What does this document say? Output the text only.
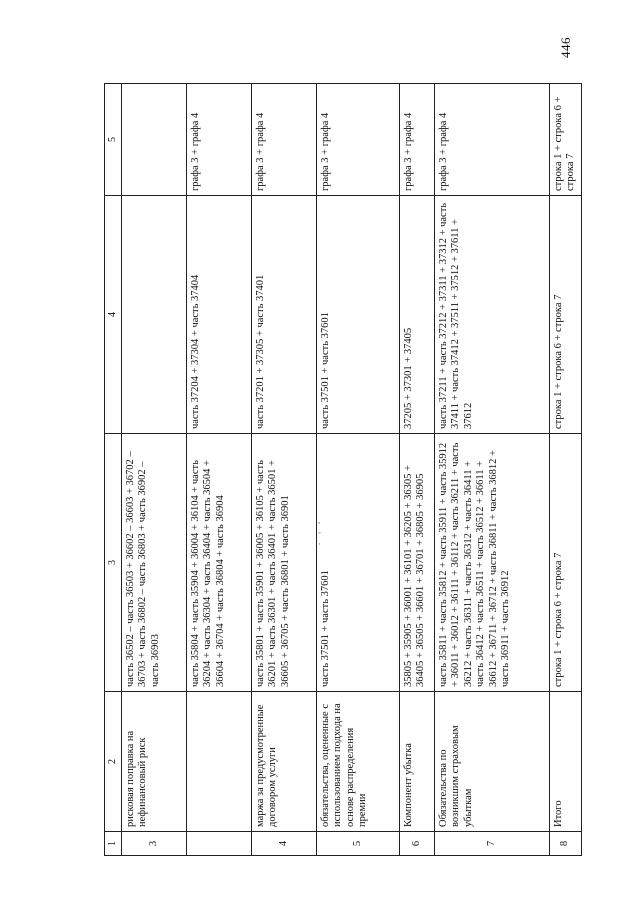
446
,
-
·
1	2	3	4	5
3	рисковая поправка на нефинансовый риск	часть 36502 – часть 36503 + 36602 – 36603 + 36702 – 36703 + часть 36802 – часть 36803 + часть 36902 – часть 36903		
		часть 35804 + часть 35904 + 36004 + 36104 + часть 36204 + часть 36304 + часть 36404 + часть 36504 + 36604 + 36704 + часть 36804 + часть 36904	часть 37204 + 37304 + часть 37404	графа 3 + графа 4
4	маржа за предусмотренные договором услуги	часть 35801 + часть 35901 + 36005 + 36105 + часть 36201 + часть 36301 + часть 36401 + часть 36501 + 36605 + 36705 + часть 36801 + часть 36901	часть 37201 + 37305 + часть 37401	графа 3 + графа 4
5	обязательства, оцененные с использованием подхода на основе распределения премии	часть 37501 + часть 37601	часть 37501 + часть 37601	графа 3 + графа 4
6	Компонент убытка	35805 + 35905 + 36001 + 36101 + 36205 + 36305 + 36405 + 36505 + 36601 + 36701 + 36805 + 36905	37205 + 37301 + 37405	графа 3 + графа 4
7	Обязательства по возникшим страховым убыткам	часть 35811 + часть 35812 + часть 35911 + часть 35912 + 36011 + 36012 + 36111 + 36112 + часть 36211 + часть 36212 + часть 36311 + часть 36312 + часть 36411 + часть 36412 + часть 36511 + часть 36512 + 36611 + 36612 + 36711 + 36712 + часть 36811 + часть 36812 + часть 36911 + часть 36912	часть 37211 + часть 37212 + 37311 + 37312 + часть 37411 + часть 37412 + 37511 + 37512 + 37611 + 37612	графа 3 + графа 4
8	Итого	строка 1 + строка 6 + строка 7	строка 1 + строка 6 + строка 7	строка 1 + строка 6 + строка 7
